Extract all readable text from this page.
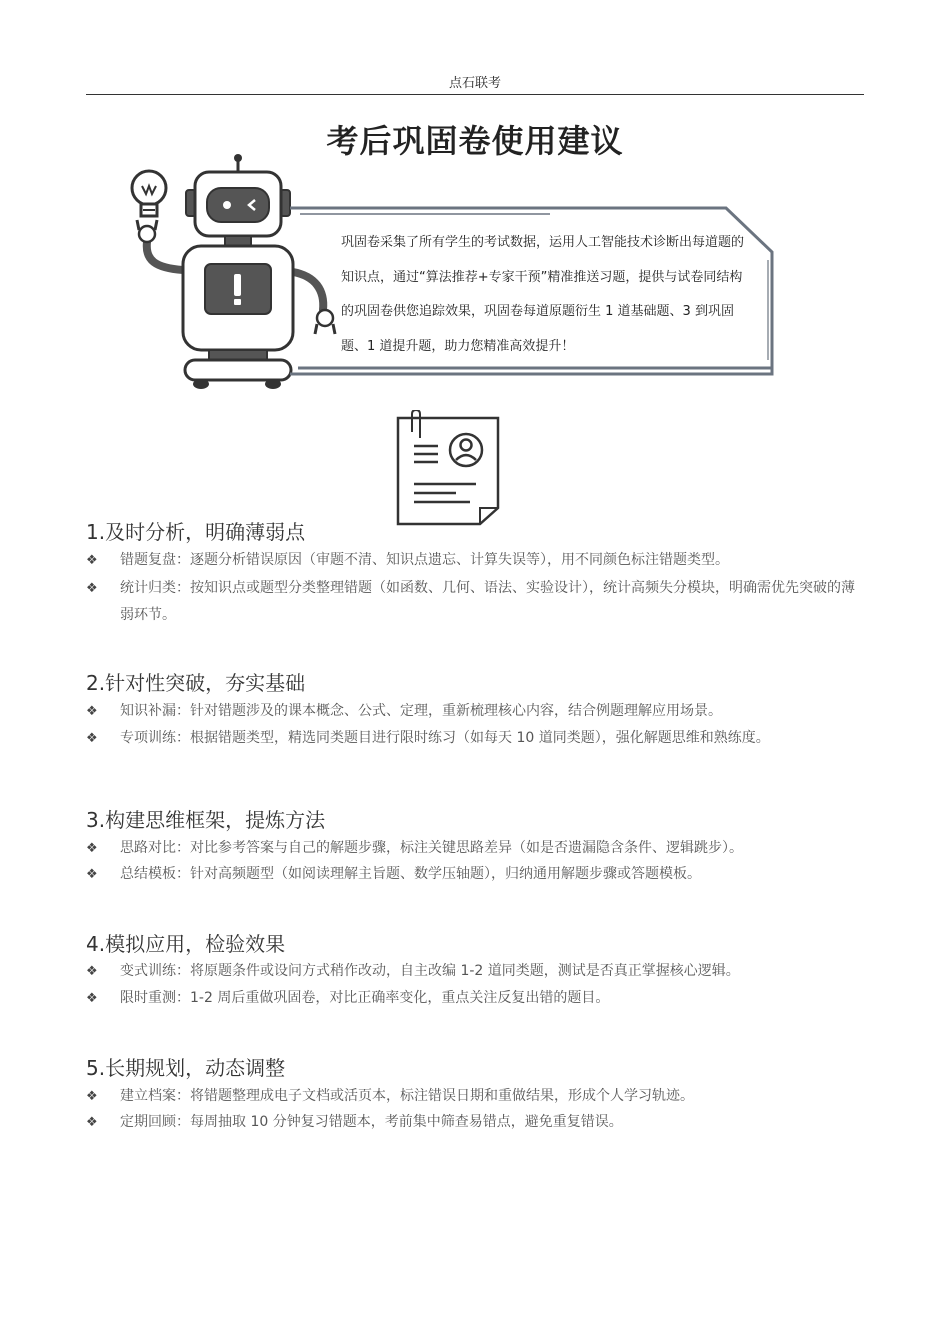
点石联考
考后巩固卷使用建议

巩固卷采集了所有学生的考试数据，运用人工智能技术诊断出每道题的知识点，通过“算法推荐+专家干预”精准推送习题，提供与试卷同结构的巩固卷供您追踪效果，巩固卷每道原题衍生 1 道基础题、3 到巩固题、1 道提升题，助力您精准高效提升！

1.及时分析，明确薄弱点
❖	错题复盘：逐题分析错误原因（审题不清、知识点遗忘、计算失误等），用不同颜色标注错题类型。
❖	统计归类：按知识点或题型分类整理错题（如函数、几何、语法、实验设计），统计高频失分模块，明确需优先突破的薄弱环节。
2.针对性突破，夯实基础
❖	知识补漏：针对错题涉及的课本概念、公式、定理，重新梳理核心内容，结合例题理解应用场景。
❖	专项训练：根据错题类型，精选同类题目进行限时练习（如每天 10 道同类题），强化解题思维和熟练度。
3.构建思维框架，提炼方法
❖	思路对比：对比参考答案与自己的解题步骤，标注关键思路差异（如是否遗漏隐含条件、逻辑跳步）。
❖	总结模板：针对高频题型（如阅读理解主旨题、数学压轴题），归纳通用解题步骤或答题模板。
4.模拟应用，检验效果
❖	变式训练：将原题条件或设问方式稍作改动，自主改编 1-2 道同类题，测试是否真正掌握核心逻辑。
❖	限时重测：1-2 周后重做巩固卷，对比正确率变化，重点关注反复出错的题目。
5.长期规划，动态调整
❖	建立档案：将错题整理成电子文档或活页本，标注错误日期和重做结果，形成个人学习轨迹。
❖	定期回顾：每周抽取 10 分钟复习错题本，考前集中筛查易错点，避免重复错误。
